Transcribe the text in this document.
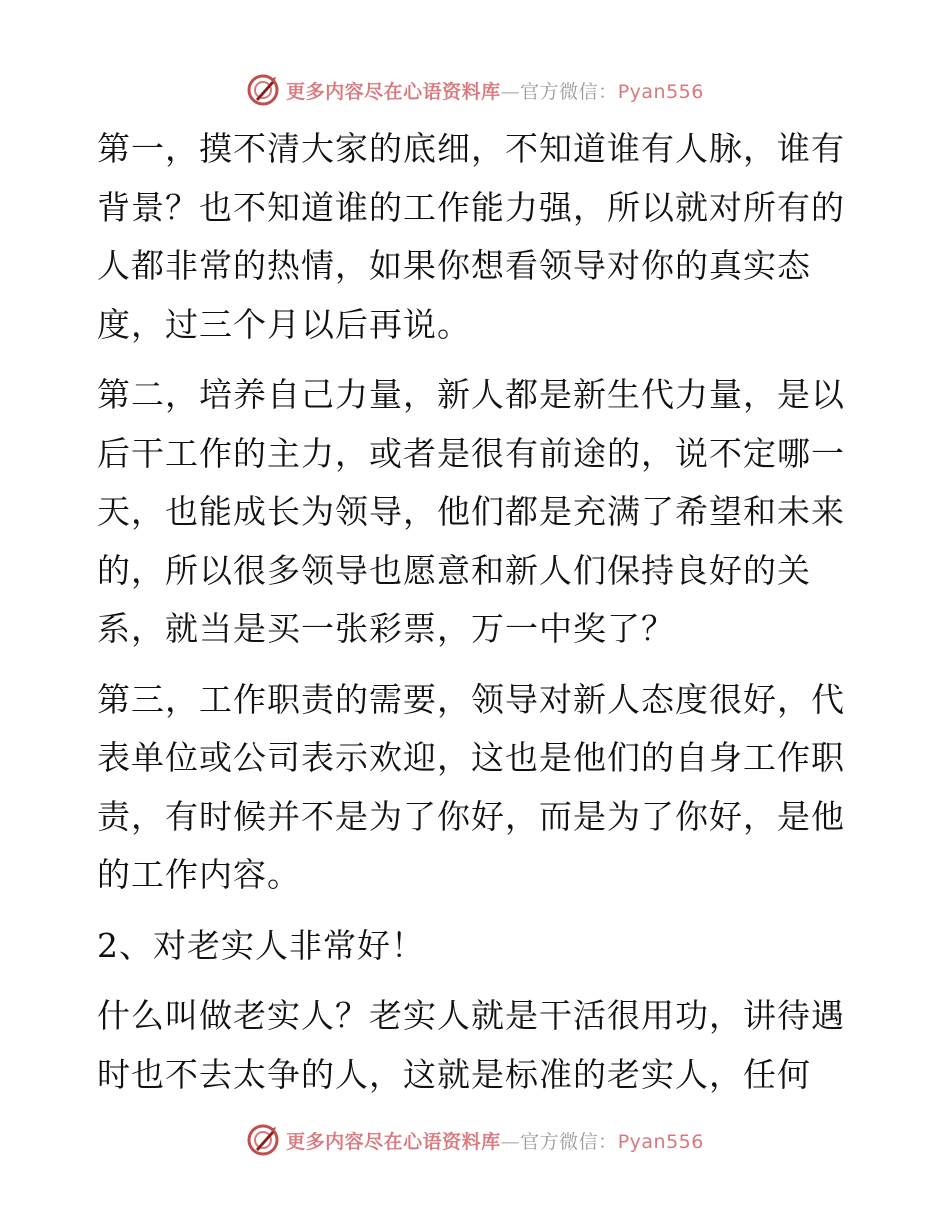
更多内容尽在心语资料库—官方微信：Pyan556

第一，摸不清大家的底细，不知道谁有人脉，谁有背景？也不知道谁的工作能力强，所以就对所有的人都非常的热情，如果你想看领导对你的真实态度，过三个月以后再说。

第二，培养自己力量，新人都是新生代力量，是以后干工作的主力，或者是很有前途的，说不定哪一天，也能成长为领导，他们都是充满了希望和未来的，所以很多领导也愿意和新人们保持良好的关系，就当是买一张彩票，万一中奖了？

第三，工作职责的需要，领导对新人态度很好，代表单位或公司表示欢迎，这也是他们的自身工作职责，有时候并不是为了你好，而是为了你好，是他的工作内容。

2、对老实人非常好！

什么叫做老实人？老实人就是干活很用功，讲待遇时也不去太争的人，这就是标准的老实人，任何

更多内容尽在心语资料库—官方微信：Pyan556
